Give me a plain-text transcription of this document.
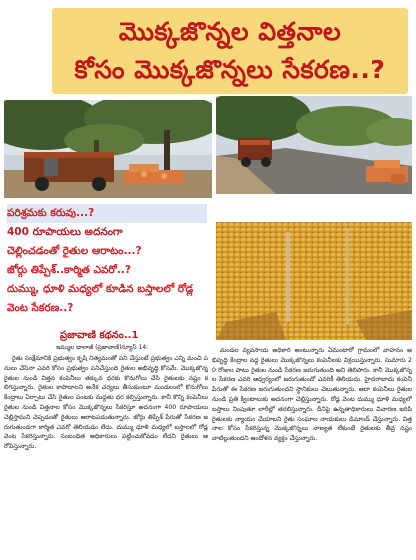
మొక్కజొన్నల విత్తనాల
కోసం మొక్కజొన్నలు సేకరణ..?
పరిశ్రమకు కరువు...?
400 రూపాయలు అదనంగా
చెల్లించడంతో రైతుల ఆరాటం...?
జోర్గు తిప్పేశ్..కార్మిత ఎవరో..?
దుమ్ము, ధూళి మధ్యలో కూడిన బస్తాలలో రోడ్ల
వెంట సేకరణ..?
ప్రజావాణి కథనం..1
ఇమ్ముల బాలాజీ (ప్రజావాణి)న్యూస్ 14:

రైతు సంక్షేమానికి ప్రభుత్వం కృషి నిత్యమంతో పని చేస్తుంటే ప్రభుత్వం ఎన్ని మంచి పనులు చేసినా ఎవరి కోసం ప్రభుత్వం పనిచేస్తుంది రైతుల అభివృద్ధి కోసమే. మొక్కజొన్న రైతుల నుండి విత్తన కంపెనీలు తక్కువ ధరకు కొనుగోలు చేసి రైతులకు నష్టం కలిగిస్తున్నారు. రైతుల కాపాడాలని అనేక చర్యలు తీసుకుంటూ మండలంలో కొనుగోలు కేంద్రాలు ఏర్పాటు చేసి రైతుల పంటకు మద్దతు ధర కల్పిస్తున్నారు. కానీ కొన్ని కంపెనీలు రైతుల నుండి విత్తనాల కోసం మొక్కజొన్నలు సేకరిస్తూ అదనంగా 400 రూపాయలు చెల్లిస్తామని చెప్పడంతో రైతులు ఆరాటపడుతున్నారు. జోర్గు తిప్పేశ్ పేరుతో సేకరణ జరుగుతుండగా కార్మిత ఎవరో తెలియడం లేదు. దుమ్ము ధూళి మధ్యలో బస్తాలలో రోడ్ల వెంట సేకరిస్తున్నారు. సంబంధిత అధికారులు పట్టించుకోవడం లేదని రైతులు ఆరోపిస్తున్నారు.

మండల వ్యవసాయ అధికారి అంటున్నారు ఏమంటారో గ్రామంలో వాహనం అభివృద్ధి కేంద్రాల వద్ద రైతులు మొక్కజొన్నలు కంపెనీలకు విక్రయిస్తున్నారు. సుమారు 20 రోజుల పాటు రైతుల నుండి సేకరణ జరుగుతుంది అని తెలిపారు. కానీ మొక్కజొన్నల సేకరణ ఎవరి ఆధ్వర్యంలో జరుగుతుందో ఎవరికీ తెలియదు. హైదరాబాదు కంపెనీ పేరుతో ఈ సేకరణ జరుగుతుందని స్థానికులు చెబుతున్నారు. ఆదా కంపెనీలు రైతుల నుండి ప్రతి క్వింటాలుకు అదనంగా చెల్లిస్తున్నారు. రోడ్ల వెంట దుమ్ము ధూళి మధ్యలో బస్తాలు నింపుతూ లారీల్లో తరలిస్తున్నారు. దీనిపై ఉన్నతాధికారులు విచారణ జరిపి రైతులకు న్యాయం చేయాలని రైతు సంఘాల నాయకులు డిమాండ్ చేస్తున్నారు. విత్తనాల కోసం సేకరిస్తున్న మొక్కజొన్నలు నాణ్యత లేకుంటే రైతులకు తీవ్ర నష్టం వాటిల్లుతుందని ఆందోళన వ్యక్తం చేస్తున్నారు.
